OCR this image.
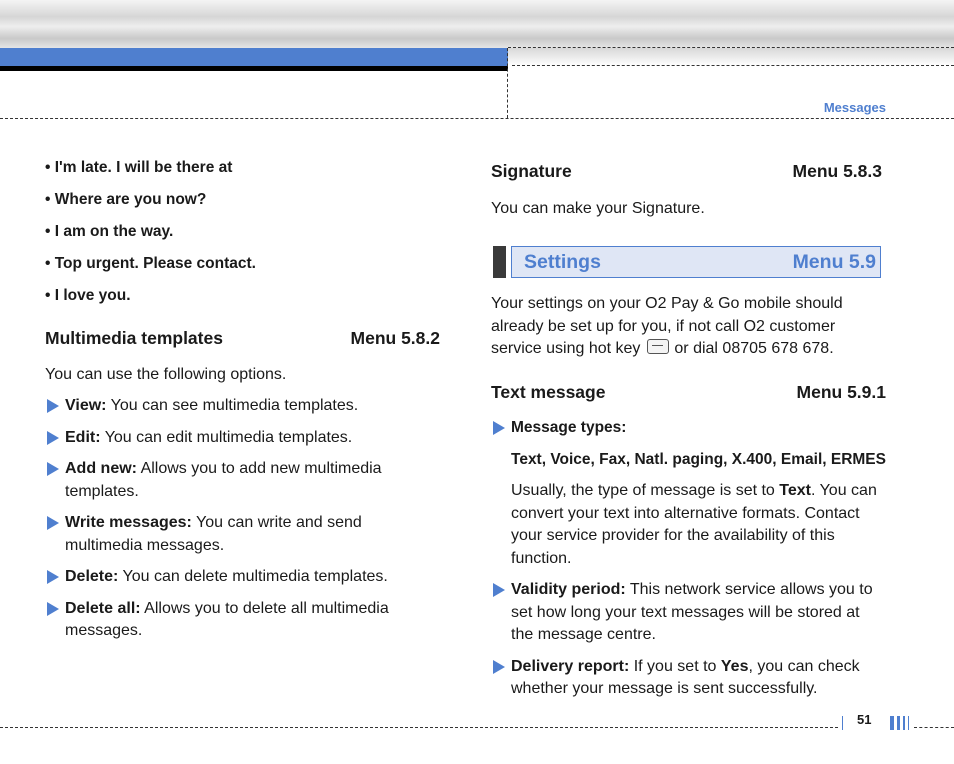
Messages
• I'm late. I will be there at
• Where are you now?
• I am on the way.
• Top urgent. Please contact.
• I love you.
Multimedia templates	Menu 5.8.2
You can use the following options.
View: You can see multimedia templates.
Edit: You can edit multimedia templates.
Add new: Allows you to add new multimedia templates.
Write messages: You can write and send multimedia messages.
Delete: You can delete multimedia templates.
Delete all: Allows you to delete all multimedia messages.
Signature	Menu 5.8.3
You can make your Signature.
Settings	Menu 5.9
Your settings on your O2 Pay & Go mobile should already be set up for you, if not call O2 customer service using hot key or dial 08705 678 678.
Text message	Menu 5.9.1
Message types:
Text, Voice, Fax, Natl. paging, X.400, Email, ERMES
Usually, the type of message is set to Text. You can convert your text into alternative formats. Contact your service provider for the availability of this function.
Validity period: This network service allows you to set how long your text messages will be stored at the message centre.
Delivery report: If you set to Yes, you can check whether your message is sent successfully.
51
